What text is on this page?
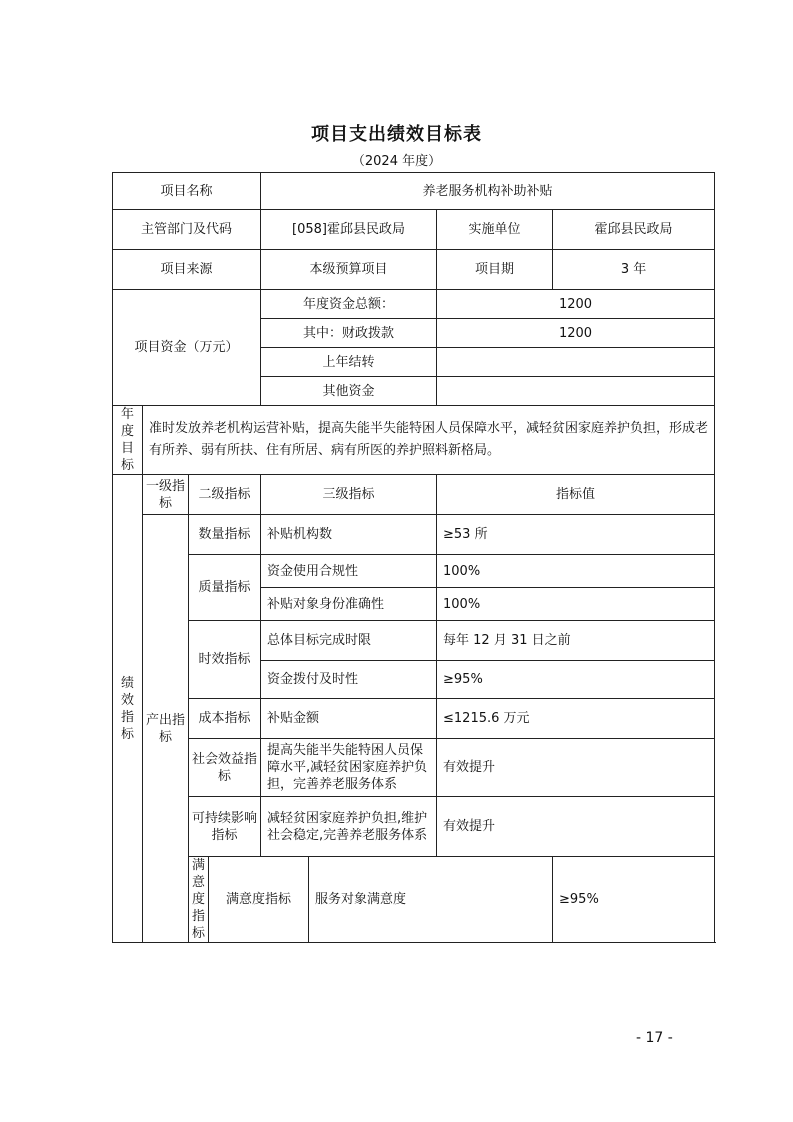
项目支出绩效目标表
（2024 年度）
项目名称				养老服务机构补助补贴			
主管部门及代码				[058]霍邱县民政局		实施单位	霍邱县民政局
项目来源				本级预算项目		项目期	3 年
项目资金（万元）				年度资金总额：		1200	
				其中：财政拨款		1200	
				上年结转			
				其他资金			
年度目标	准时发放养老机构运营补贴，提高失能半失能特困人员保障水平，减轻贫困家庭养护负担，形成老有所养、弱有所扶、住有所居、病有所医的养护照料新格局。						
绩效指标	一级指标	二级指标		三级指标		指标值	
	产出指标	数量指标		补贴机构数		≥53 所	
		质量指标		资金使用合规性		100%	
				补贴对象身份准确性		100%	
		时效指标		总体目标完成时限		每年 12 月 31 日之前	
				资金拨付及时性		≥95%	
		成本指标		补贴金额		≤1215.6 万元	
		社会效益指标		提高失能半失能特困人员保障水平,减轻贫困家庭养护负担，完善养老服务体系		有效提升	
		可持续影响指标		减轻贫困家庭养护负担,维护社会稳定,完善养老服务体系		有效提升	
		满意度指标	满意度指标		服务对象满意度		≥95%
- 17 -
